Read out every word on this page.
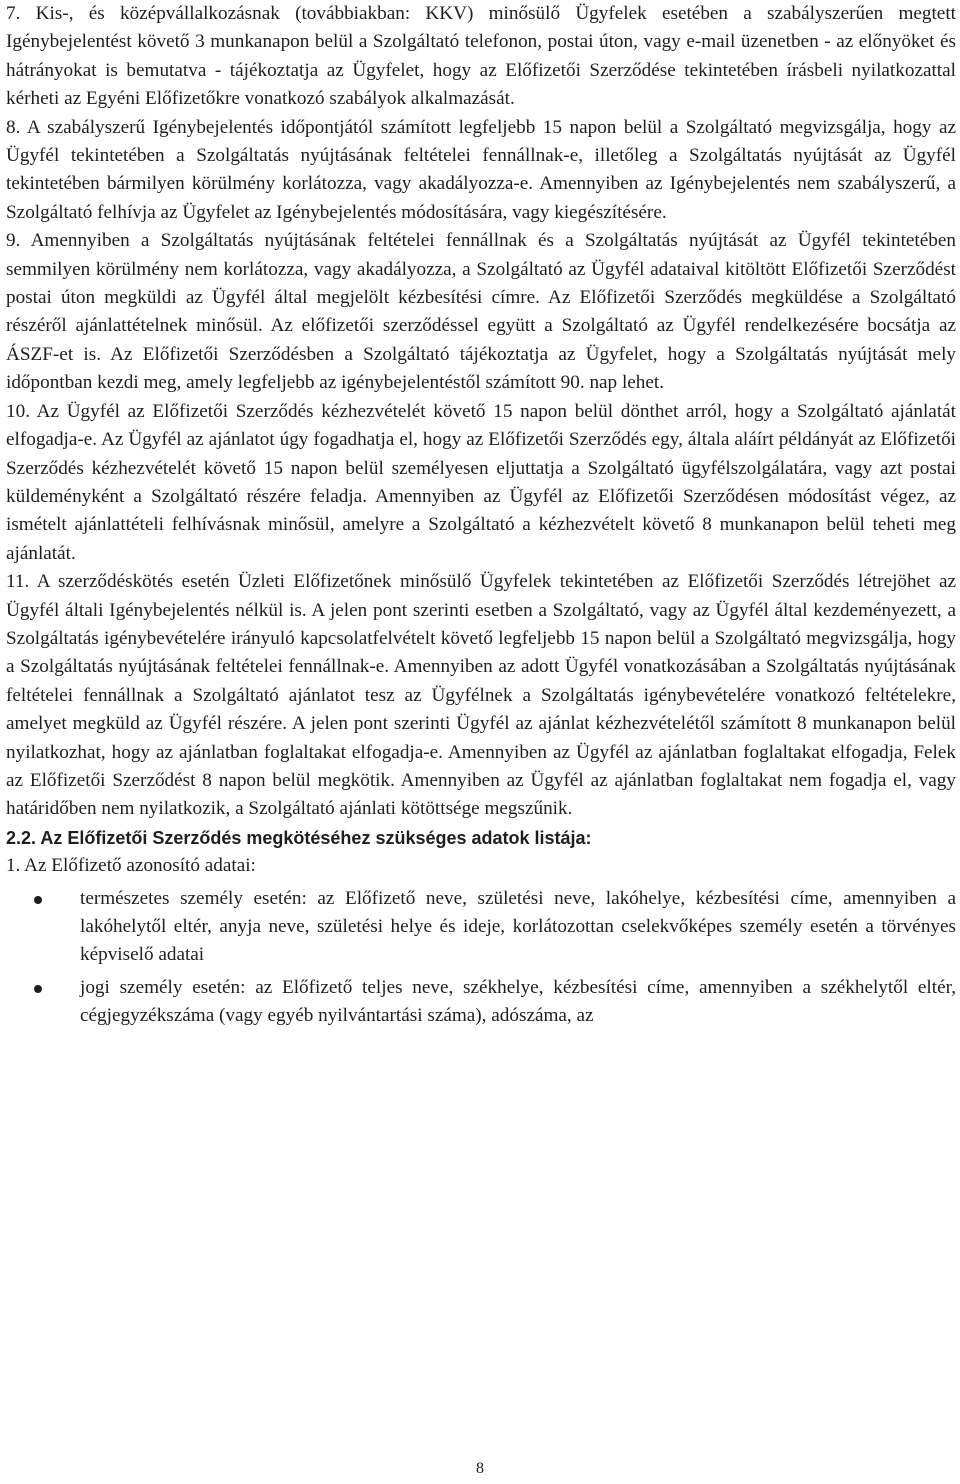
7. Kis-, és középvállalkozásnak (továbbiakban: KKV) minősülő Ügyfelek esetében a szabályszerűen megtett Igénybejelentést követő 3 munkanapon belül a Szolgáltató telefonon, postai úton, vagy e-mail üzenetben - az előnyöket és hátrányokat is bemutatva - tájékoztatja az Ügyfelet, hogy az Előfizetői Szerződése tekintetében írásbeli nyilatkozattal kérheti az Egyéni Előfizetőkre vonatkozó szabályok alkalmazását.

8. A szabályszerű Igénybejelentés időpontjától számított legfeljebb 15 napon belül a Szolgáltató megvizsgálja, hogy az Ügyfél tekintetében a Szolgáltatás nyújtásának feltételei fennállnak-e, illetőleg a Szolgáltatás nyújtását az Ügyfél tekintetében bármilyen körülmény korlátozza, vagy akadályozza-e. Amennyiben az Igénybejelentés nem szabályszerű, a Szolgáltató felhívja az Ügyfelet az Igénybejelentés módosítására, vagy kiegészítésére.

9. Amennyiben a Szolgáltatás nyújtásának feltételei fennállnak és a Szolgáltatás nyújtását az Ügyfél tekintetében semmilyen körülmény nem korlátozza, vagy akadályozza, a Szolgáltató az Ügyfél adataival kitöltött Előfizetői Szerződést postai úton megküldi az Ügyfél által megjelölt kézbesítési címre. Az Előfizetői Szerződés megküldése a Szolgáltató részéről ajánlattételnek minősül. Az előfizetői szerződéssel együtt a Szolgáltató az Ügyfél rendelkezésére bocsátja az ÁSZF-et is. Az Előfizetői Szerződésben a Szolgáltató tájékoztatja az Ügyfelet, hogy a Szolgáltatás nyújtását mely időpontban kezdi meg, amely legfeljebb az igénybejelentéstől számított 90. nap lehet.

10. Az Ügyfél az Előfizetői Szerződés kézhezvételét követő 15 napon belül dönthet arról, hogy a Szolgáltató ajánlatát elfogadja-e. Az Ügyfél az ajánlatot úgy fogadhatja el, hogy az Előfizetői Szerződés egy, általa aláírt példányát az Előfizetői Szerződés kézhezvételét követő 15 napon belül személyesen eljuttatja a Szolgáltató ügyfélszolgálatára, vagy azt postai küldeményként a Szolgáltató részére feladja. Amennyiben az Ügyfél az Előfizetői Szerződésen módosítást végez, az ismételt ajánlattételi felhívásnak minősül, amelyre a Szolgáltató a kézhezvételt követő 8 munkanapon belül teheti meg ajánlatát.

11. A szerződéskötés esetén Üzleti Előfizetőnek minősülő Ügyfelek tekintetében az Előfizetői Szerződés létrejöhet az Ügyfél általi Igénybejelentés nélkül is. A jelen pont szerinti esetben a Szolgáltató, vagy az Ügyfél által kezdeményezett, a Szolgáltatás igénybevételére irányuló kapcsolatfelvételt követő legfeljebb 15 napon belül a Szolgáltató megvizsgálja, hogy a Szolgáltatás nyújtásának feltételei fennállnak-e. Amennyiben az adott Ügyfél vonatkozásában a Szolgáltatás nyújtásának feltételei fennállnak a Szolgáltató ajánlatot tesz az Ügyfélnek a Szolgáltatás igénybevételére vonatkozó feltételekre, amelyet megküld az Ügyfél részére. A jelen pont szerinti Ügyfél az ajánlat kézhezvételétől számított 8 munkanapon belül nyilatkozhat, hogy az ajánlatban foglaltakat elfogadja-e. Amennyiben az Ügyfél az ajánlatban foglaltakat elfogadja, Felek az Előfizetői Szerződést 8 napon belül megkötik. Amennyiben az Ügyfél az ajánlatban foglaltakat nem fogadja el, vagy határidőben nem nyilatkozik, a Szolgáltató ajánlati kötöttsége megszűnik.

2.2. Az Előfizetői Szerződés megkötéséhez szükséges adatok listája:

1. Az Előfizető azonosító adatai:

természetes személy esetén: az Előfizető neve, születési neve, lakóhelye, kézbesítési címe, amennyiben a lakóhelytől eltér, anyja neve, születési helye és ideje, korlátozottan cselekvőképes személy esetén a törvényes képviselő adatai
jogi személy esetén: az Előfizető teljes neve, székhelye, kézbesítési címe, amennyiben a székhelytől eltér, cégjegyzékszáma (vagy egyéb nyilvántartási száma), adószáma, az
8
